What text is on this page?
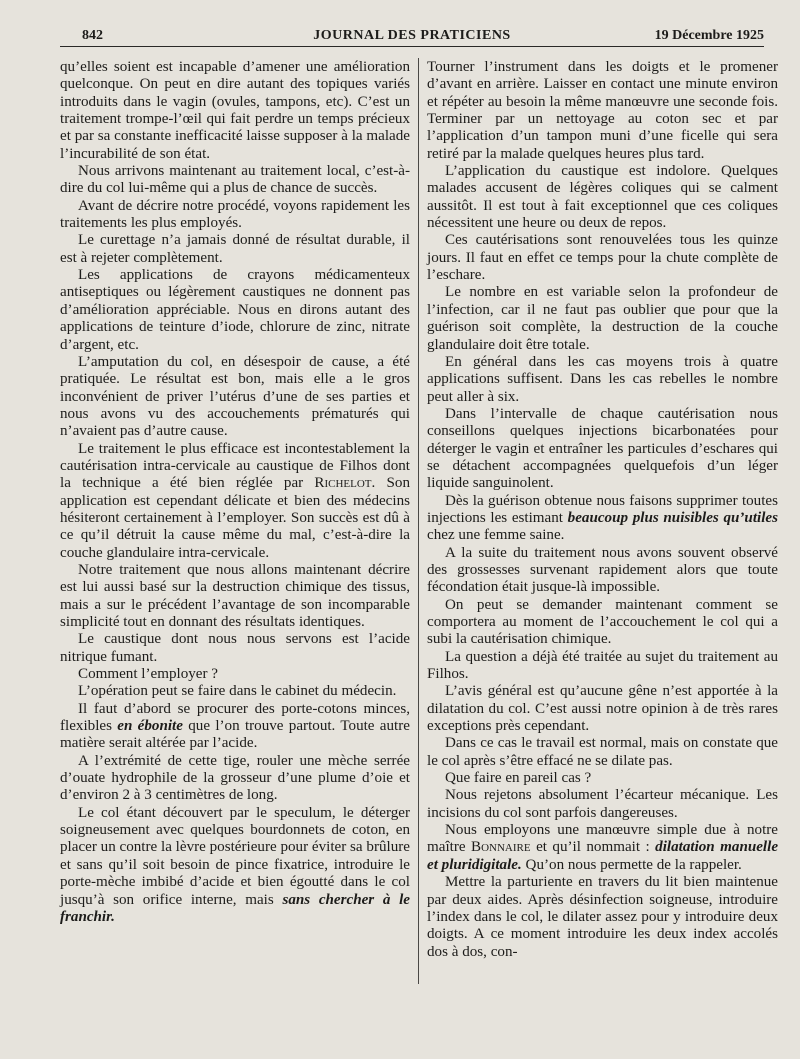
842	JOURNAL DES PRATICIENS	19 Décembre 1925

qu’elles soient est incapable d’amener une amélioration quelconque. On peut en dire autant des topiques variés introduits dans le vagin (ovules, tampons, etc). C’est un traitement trompe-l’œil qui fait perdre un temps précieux et par sa constante inefficacité laisse supposer à la malade l’incurabilité de son état.

Nous arrivons maintenant au traitement local, c’est-à-dire du col lui-même qui a plus de chance de succès.

Avant de décrire notre procédé, voyons rapidement les traitements les plus employés.

Le curettage n’a jamais donné de résultat durable, il est à rejeter complètement.

Les applications de crayons médicamenteux antiseptiques ou légèrement caustiques ne donnent pas d’amélioration appréciable. Nous en dirons autant des applications de teinture d’iode, chlorure de zinc, nitrate d’argent, etc.

L’amputation du col, en désespoir de cause, a été pratiquée. Le résultat est bon, mais elle a le gros inconvénient de priver l’utérus d’une de ses parties et nous avons vu des accouchements prématurés qui n’avaient pas d’autre cause.

Le traitement le plus efficace est incontestablement la cautérisation intra-cervicale au caustique de Filhos dont la technique a été bien réglée par Richelot. Son application est cependant délicate et bien des médecins hésiteront certainement à l’employer. Son succès est dû à ce qu’il détruit la cause même du mal, c’est-à-dire la couche glandulaire intra-cervicale.

Notre traitement que nous allons maintenant décrire est lui aussi basé sur la destruction chimique des tissus, mais a sur le précédent l’avantage de son incomparable simplicité tout en donnant des résultats identiques.

Le caustique dont nous nous servons est l’acide nitrique fumant.

Comment l’employer ?

L’opération peut se faire dans le cabinet du médecin.

Il faut d’abord se procurer des porte-cotons minces, flexibles en ébonite que l’on trouve partout. Toute autre matière serait altérée par l’acide.

A l’extrémité de cette tige, rouler une mèche serrée d’ouate hydrophile de la grosseur d’une plume d’oie et d’environ 2 à 3 centimètres de long.

Le col étant découvert par le speculum, le déterger soigneusement avec quelques bourdonnets de coton, en placer un contre la lèvre postérieure pour éviter sa brûlure et sans qu’il soit besoin de pince fixatrice, introduire le porte-mèche imbibé d’acide et bien égoutté dans le col jusqu’à son orifice interne, mais sans chercher à le franchir.

Tourner l’instrument dans les doigts et le promener d’avant en arrière. Laisser en contact une minute environ et répéter au besoin la même manœuvre une seconde fois. Terminer par un nettoyage au coton sec et par l’application d’un tampon muni d’une ficelle qui sera retiré par la malade quelques heures plus tard.

L’application du caustique est indolore. Quelques malades accusent de légères coliques qui se calment aussitôt. Il est tout à fait exceptionnel que ces coliques nécessitent une heure ou deux de repos.

Ces cautérisations sont renouvelées tous les quinze jours. Il faut en effet ce temps pour la chute complète de l’eschare.

Le nombre en est variable selon la profondeur de l’infection, car il ne faut pas oublier que pour que la guérison soit complète, la destruction de la couche glandulaire doit être totale.

En général dans les cas moyens trois à quatre applications suffisent. Dans les cas rebelles le nombre peut aller à six.

Dans l’intervalle de chaque cautérisation nous conseillons quelques injections bicarbonatées pour déterger le vagin et entraîner les particules d’eschares qui se détachent accompagnées quelquefois d’un léger liquide sanguinolent.

Dès la guérison obtenue nous faisons supprimer toutes injections les estimant beaucoup plus nuisibles qu’utiles chez une femme saine.

A la suite du traitement nous avons souvent observé des grossesses survenant rapidement alors que toute fécondation était jusque-là impossible.

On peut se demander maintenant comment se comportera au moment de l’accouchement le col qui a subi la cautérisation chimique.

La question a déjà été traitée au sujet du traitement au Filhos.

L’avis général est qu’aucune gêne n’est apportée à la dilatation du col. C’est aussi notre opinion à de très rares exceptions près cependant.

Dans ce cas le travail est normal, mais on constate que le col après s’être effacé ne se dilate pas.

Que faire en pareil cas ?

Nous rejetons absolument l’écarteur mécanique. Les incisions du col sont parfois dangereuses.

Nous employons une manœuvre simple due à notre maître Bonnaire et qu’il nommait : dilatation manuelle et pluridigitale. Qu’on nous permette de la rappeler.

Mettre la parturiente en travers du lit bien maintenue par deux aides. Après désinfection soigneuse, introduire l’index dans le col, le dilater assez pour y introduire deux doigts. A ce moment introduire les deux index accolés dos à dos, con-
